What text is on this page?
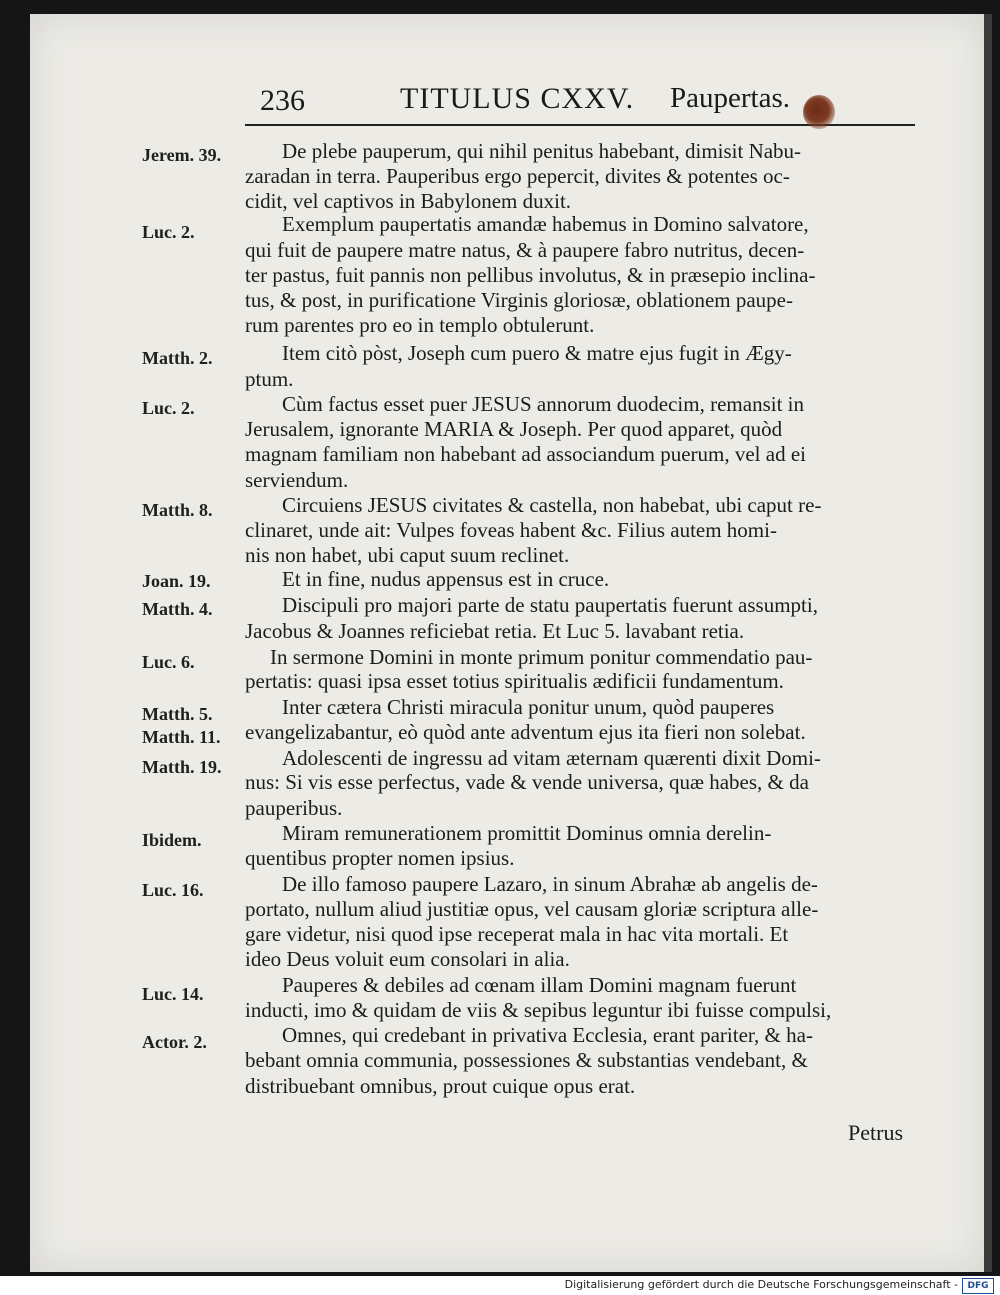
236	TITULUS CXXV. Paupertas.
Jerem. 39.
Luc. 2.
Matth. 2.
Luc. 2.
Matth. 8.
Joan. 19.
Matth. 4.
Luc. 6.
Matth. 5.
Matth. 11.
Matth. 19.
Ibidem.
Luc. 16.
Luc. 14.
Actor. 2.
De plebe pauperum, qui nihil penitus habebant, dimisit Nabu-
zaradan in terra. Pauperibus ergo pepercit, divites & potentes oc-
cidit, vel captivos in Babylonem duxit.
Exemplum paupertatis amandæ habemus in Domino salvatore,
qui fuit de paupere matre natus, & à paupere fabro nutritus, decen-
ter pastus, fuit pannis non pellibus involutus, & in præsepio inclina-
tus, & post, in purificatione Virginis gloriosæ, oblationem paupe-
rum parentes pro eo in templo obtulerunt.
Item citò pòst, Joseph cum puero & matre ejus fugit in Ægy-
ptum.
Cùm factus esset puer JESUS annorum duodecim, remansit in
Jerusalem, ignorante MARIA & Joseph. Per quod apparet, quòd
magnam familiam non habebant ad associandum puerum, vel ad ei
serviendum.
Circuiens JESUS civitates & castella, non habebat, ubi caput re-
clinaret, unde ait: Vulpes foveas habent &c. Filius autem homi-
nis non habet, ubi caput suum reclinet.
Et in fine, nudus appensus est in cruce.
Discipuli pro majori parte de statu paupertatis fuerunt assumpti,
Jacobus & Joannes reficiebat retia. Et Luc 5. lavabant retia.
In sermone Domini in monte primum ponitur commendatio pau-
pertatis: quasi ipsa esset totius spiritualis ædificii fundamentum.
Inter cætera Christi miracula ponitur unum, quòd pauperes
evangelizabantur, eò quòd ante adventum ejus ita fieri non solebat.
Adolescenti de ingressu ad vitam æternam quærenti dixit Domi-
nus: Si vis esse perfectus, vade & vende universa, quæ habes, & da
pauperibus.
Miram remunerationem promittit Dominus omnia derelin-
quentibus propter nomen ipsius.
De illo famoso paupere Lazaro, in sinum Abrahæ ab angelis de-
portato, nullum aliud justitiæ opus, vel causam gloriæ scriptura alle-
gare videtur, nisi quod ipse receperat mala in hac vita mortali. Et
ideo Deus voluit eum consolari in alia.
Pauperes & debiles ad cœnam illam Domini magnam fuerunt
inducti, imo & quidam de viis & sepibus leguntur ibi fuisse compulsi,
Omnes, qui credebant in privativa Ecclesia, erant pariter, & ha-
bebant omnia communia, possessiones & substantias vendebant, &
distribuebant omnibus, prout cuique opus erat.
Petrus
Digitalisierung gefördert durch die Deutsche Forschungsgemeinschaft -	DFG
